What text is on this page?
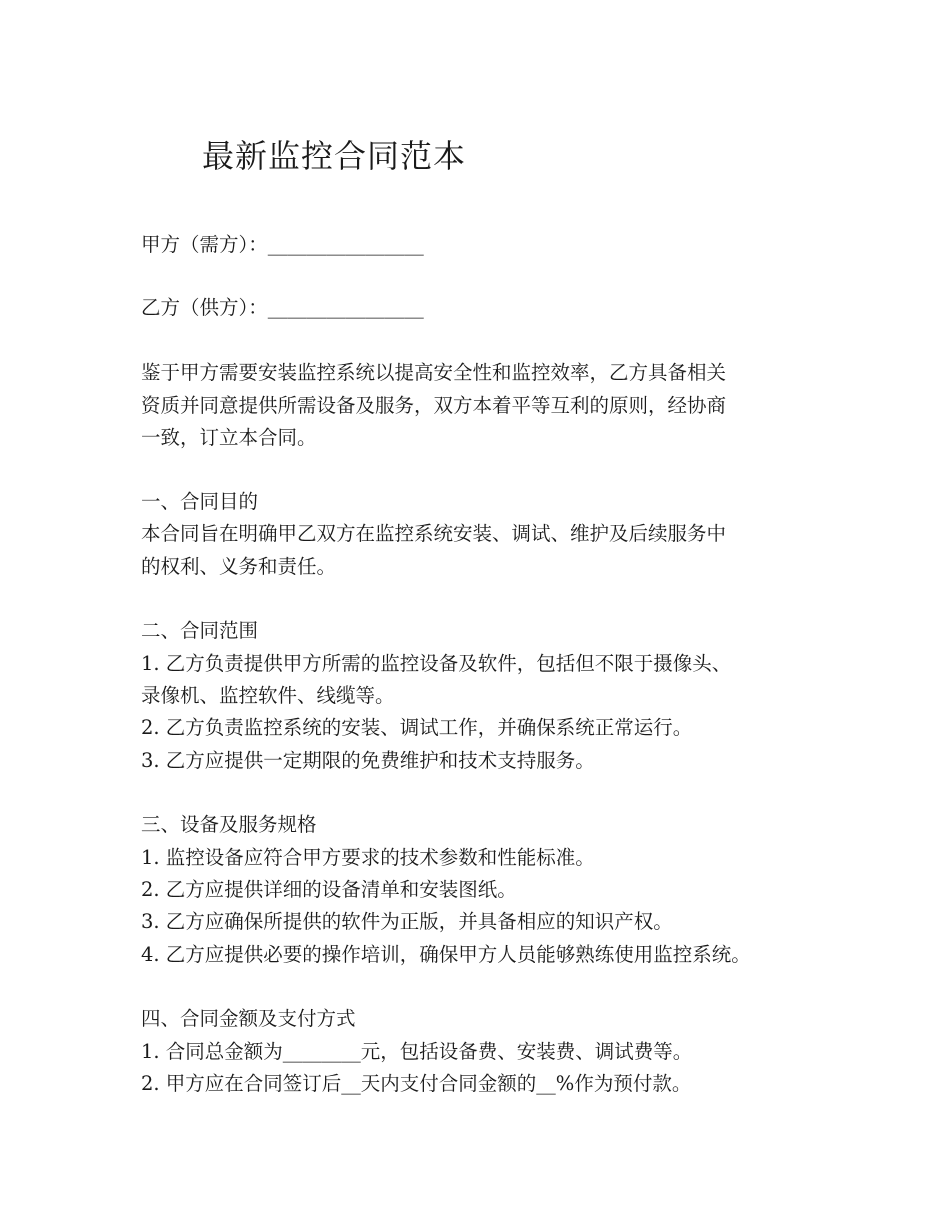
最新监控合同范本
甲方（需方）：________________
乙方（供方）：________________
鉴于甲方需要安装监控系统以提高安全性和监控效率，乙方具备相关
资质并同意提供所需设备及服务，双方本着平等互利的原则，经协商
一致，订立本合同。
一、合同目的
本合同旨在明确甲乙双方在监控系统安装、调试、维护及后续服务中
的权利、义务和责任。
二、合同范围
1. 乙方负责提供甲方所需的监控设备及软件，包括但不限于摄像头、
录像机、监控软件、线缆等。
2. 乙方负责监控系统的安装、调试工作，并确保系统正常运行。
3. 乙方应提供一定期限的免费维护和技术支持服务。
三、设备及服务规格
1. 监控设备应符合甲方要求的技术参数和性能标准。
2. 乙方应提供详细的设备清单和安装图纸。
3. 乙方应确保所提供的软件为正版，并具备相应的知识产权。
4. 乙方应提供必要的操作培训，确保甲方人员能够熟练使用监控系统。
四、合同金额及支付方式
1. 合同总金额为________元，包括设备费、安装费、调试费等。
2. 甲方应在合同签订后__天内支付合同金额的__%作为预付款。
